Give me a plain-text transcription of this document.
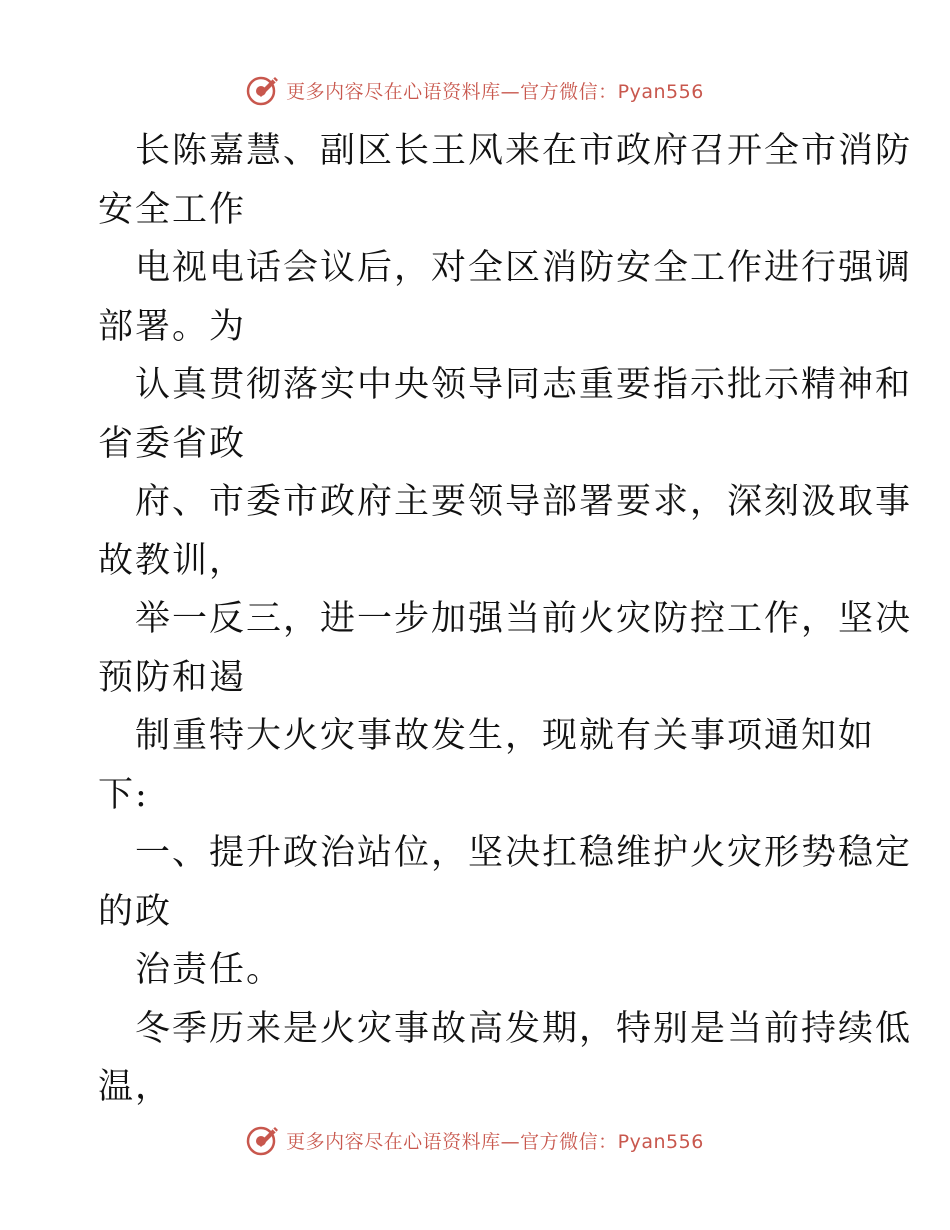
更多内容尽在心语资料库—官方微信：Pyan556
长陈嘉慧、副区长王风来在市政府召开全市消防
安全工作
电视电话会议后，对全区消防安全工作进行强调
部署。为
认真贯彻落实中央领导同志重要指示批示精神和
省委省政
府、市委市政府主要领导部署要求，深刻汲取事
故教训，
举一反三，进一步加强当前火灾防控工作，坚决
预防和遏
制重特大火灾事故发生，现就有关事项通知如
下:
一、提升政治站位，坚决扛稳维护火灾形势稳定
的政
治责任。
冬季历来是火灾事故高发期，特别是当前持续低
温，
更多内容尽在心语资料库—官方微信：Pyan556
